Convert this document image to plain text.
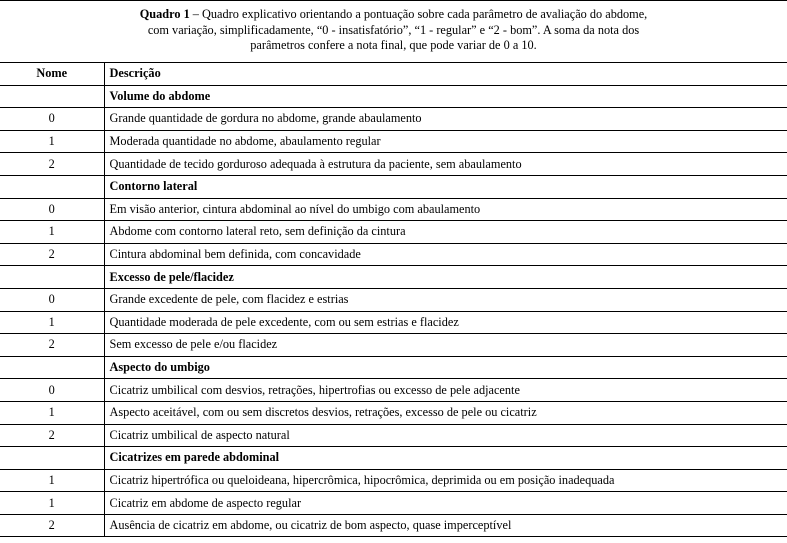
Quadro 1 – Quadro explicativo orientando a pontuação sobre cada parâmetro de avaliação do abdome,
com variação, simplificadamente, “0 - insatisfatório”, “1 - regular” e “2 - bom”. A soma da nota dos
parâmetros confere a nota final, que pode variar de 0 a 10.
Nome	Descrição
	Volume do abdome
0	Grande quantidade de gordura no abdome, grande abaulamento
1	Moderada quantidade no abdome, abaulamento regular
2	Quantidade de tecido gorduroso adequada à estrutura da paciente, sem abaulamento
	Contorno lateral
0	Em visão anterior, cintura abdominal ao nível do umbigo com abaulamento
1	Abdome com contorno lateral reto, sem definição da cintura
2	Cintura abdominal bem definida, com concavidade
	Excesso de pele/flacidez
0	Grande excedente de pele, com flacidez e estrias
1	Quantidade moderada de pele excedente, com ou sem estrias e flacidez
2	Sem excesso de pele e/ou flacidez
	Aspecto do umbigo
0	Cicatriz umbilical com desvios, retrações, hipertrofias ou excesso de pele adjacente
1	Aspecto aceitável, com ou sem discretos desvios, retrações, excesso de pele ou cicatriz
2	Cicatriz umbilical de aspecto natural
	Cicatrizes em parede abdominal
1	Cicatriz hipertrófica ou queloideana, hipercrômica, hipocrômica, deprimida ou em posição inadequada
1	Cicatriz em abdome de aspecto regular
2	Ausência de cicatriz em abdome, ou cicatriz de bom aspecto, quase imperceptível
